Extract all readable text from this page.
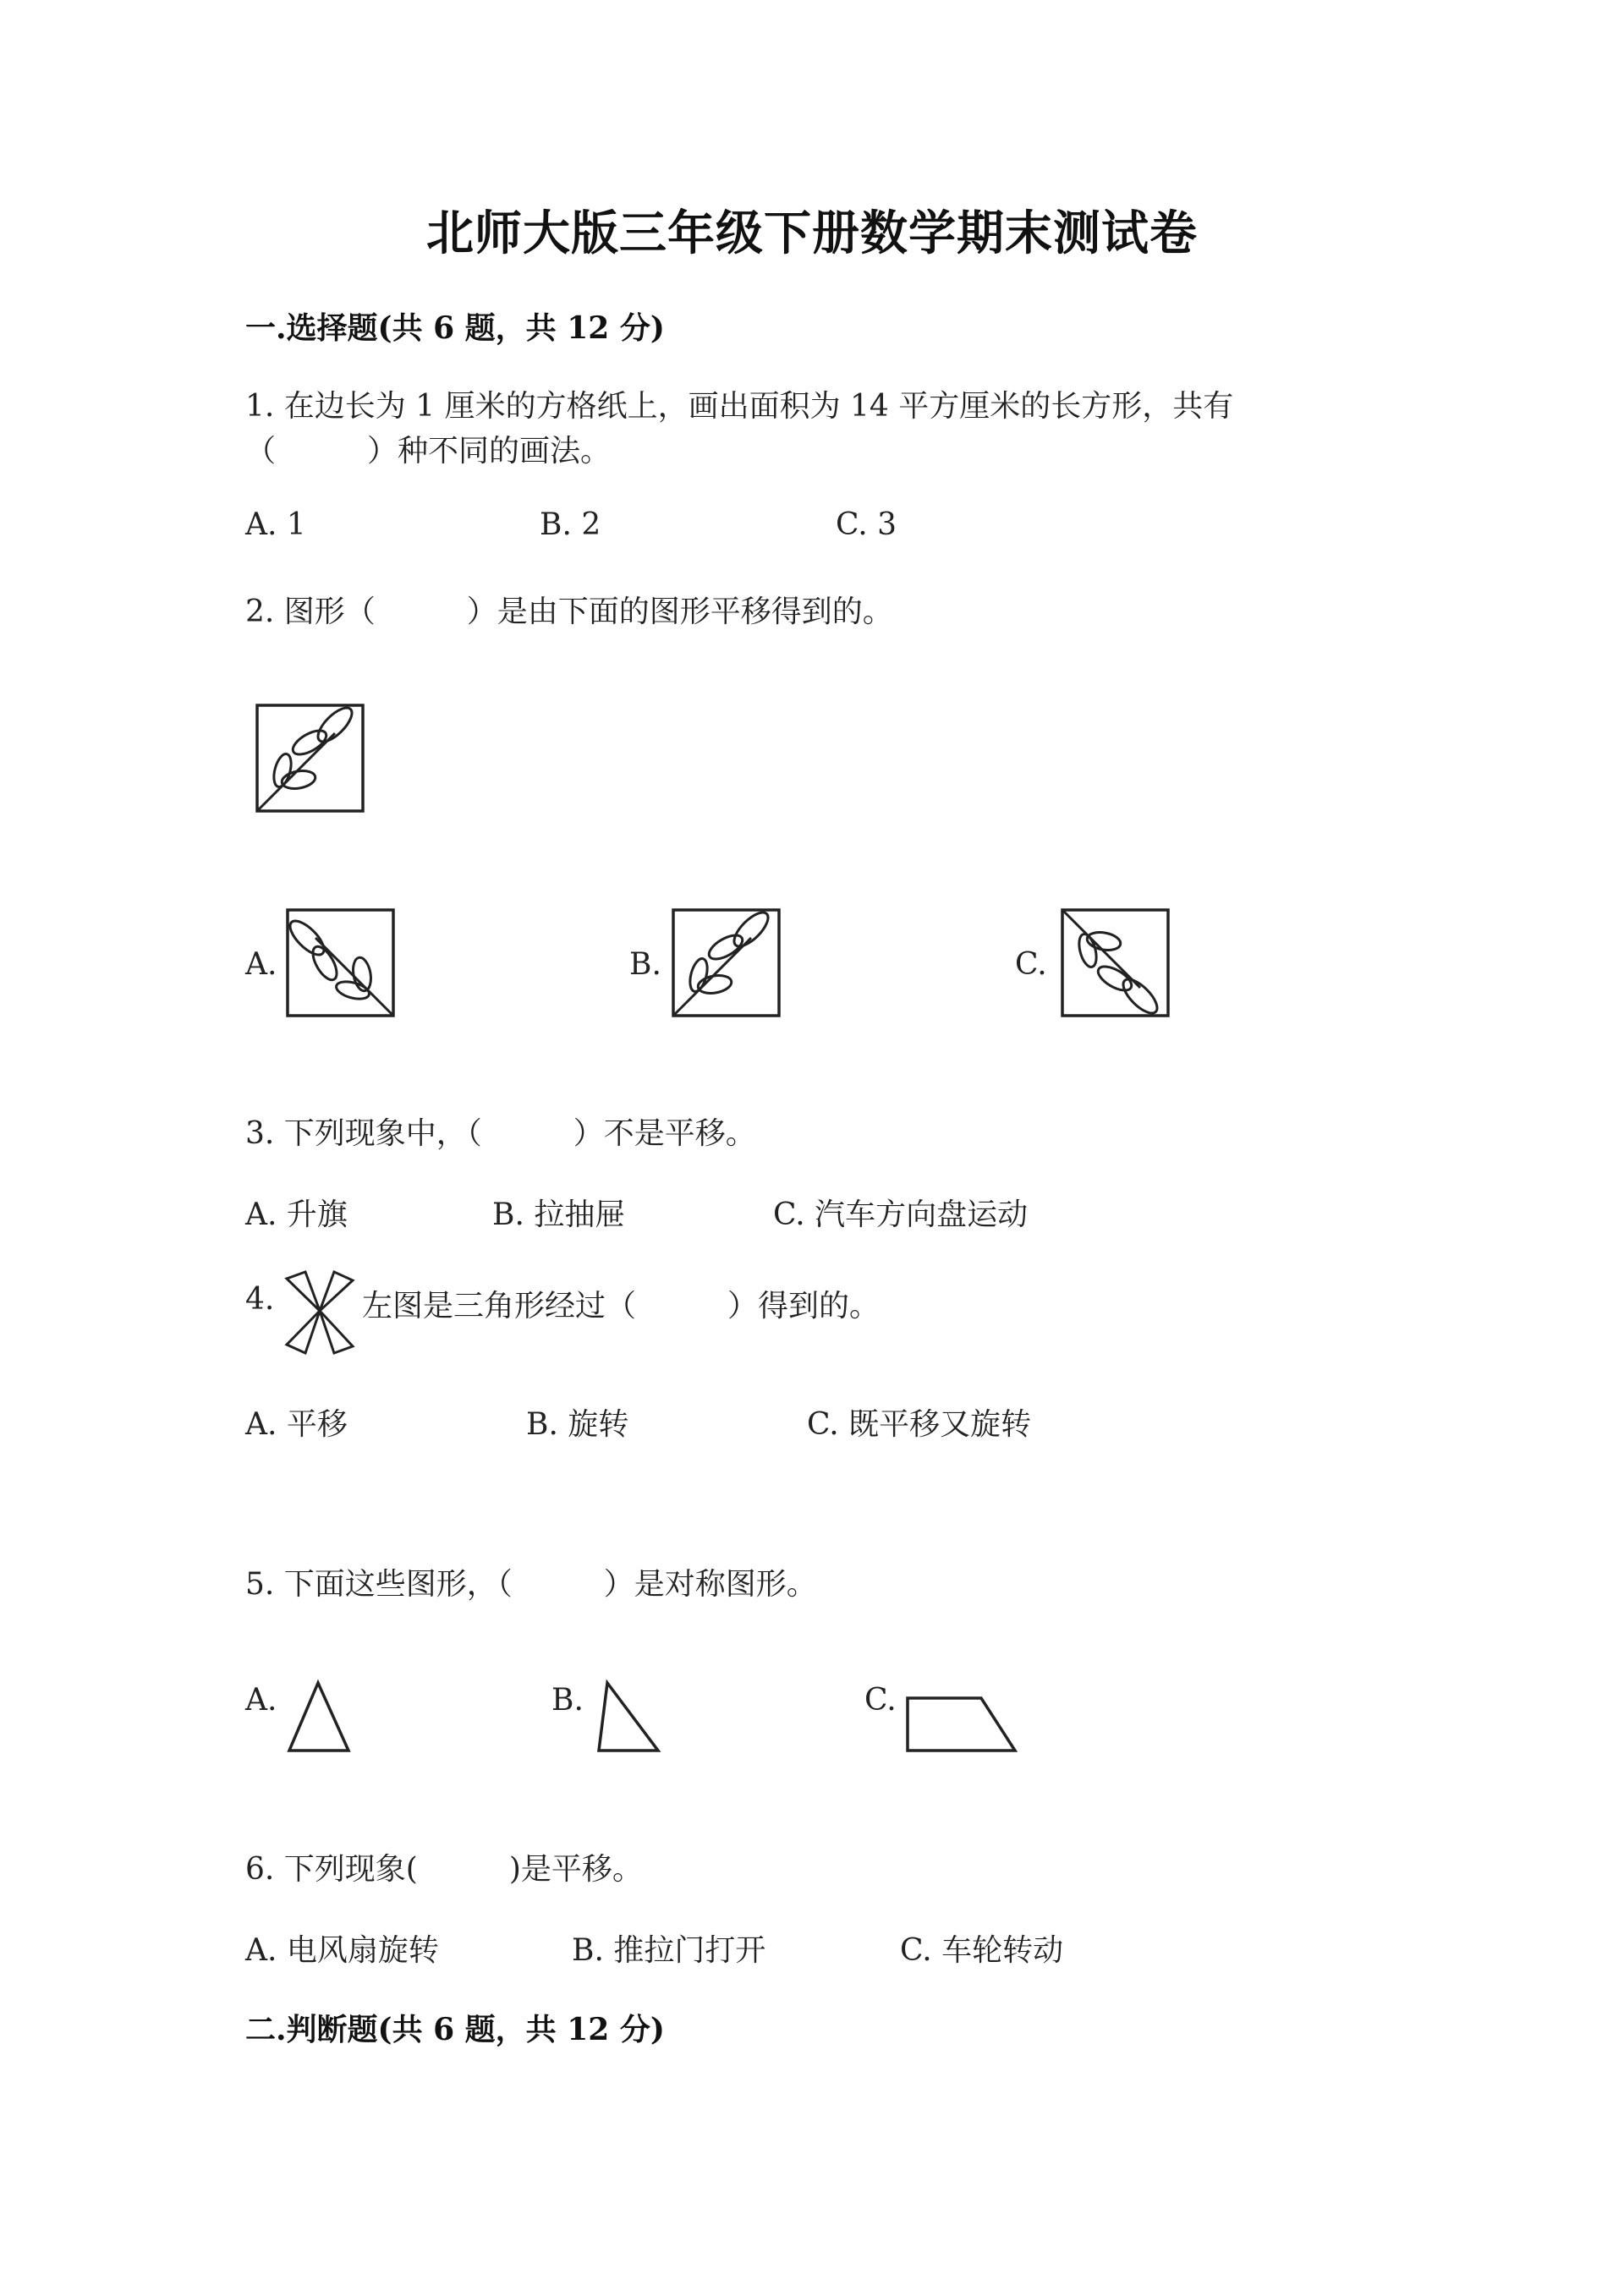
北师大版三年级下册数学期末测试卷
一.选择题(共 6 题，共 12 分)
1. 在边长为 1 厘米的方格纸上，画出面积为 14 平方厘米的长方形，共有
（　　　）种不同的画法。
A. 1	B. 2	C. 3
2. 图形（　　　）是由下面的图形平移得到的。
A.	B.	C.
3. 下列现象中，（　　　）不是平移。
A. 升旗	B. 拉抽屉	C. 汽车方向盘运动
4.	左图是三角形经过（　　　）得到的。
A. 平移	B. 旋转	C. 既平移又旋转
5. 下面这些图形，（　　　）是对称图形。
A.	B.	C.
6. 下列现象(　　　)是平移。
A. 电风扇旋转	B. 推拉门打开	C. 车轮转动
二.判断题(共 6 题，共 12 分)
